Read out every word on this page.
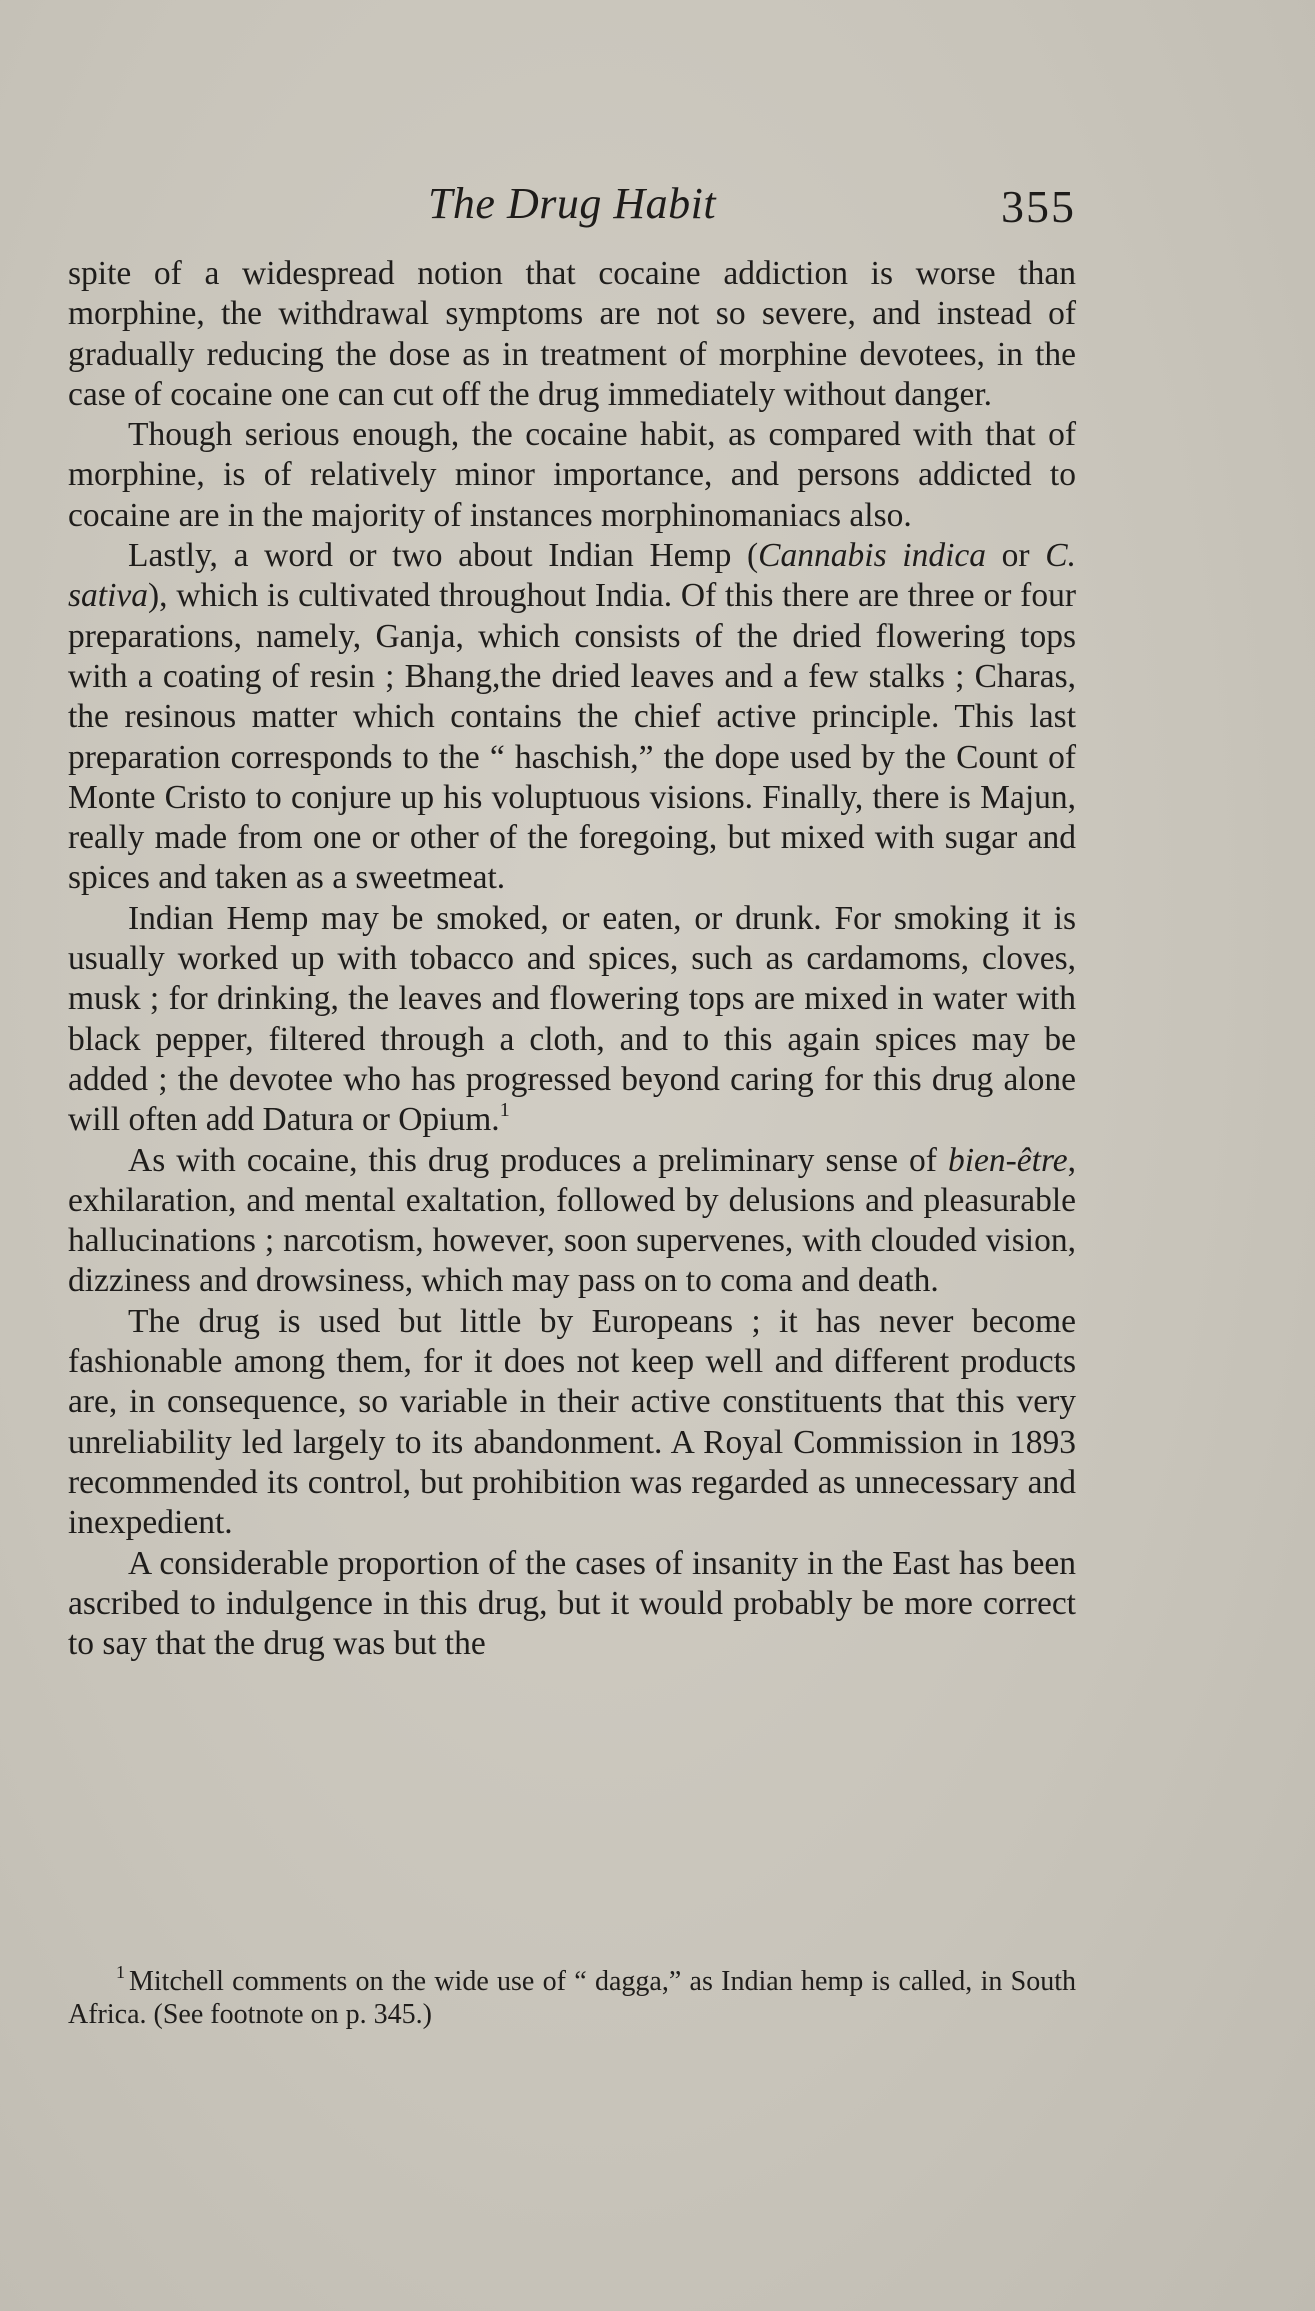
The Drug Habit	355

spite of a widespread notion that cocaine addiction is worse than morphine, the withdrawal symptoms are not so severe, and instead of gradually reducing the dose as in treatment of morphine devotees, in the case of cocaine one can cut off the drug immediately without danger.

Though serious enough, the cocaine habit, as compared with that of morphine, is of relatively minor importance, and persons addicted to cocaine are in the majority of instances morphinomaniacs also.

Lastly, a word or two about Indian Hemp (Cannabis indica or C. sativa), which is cultivated throughout India. Of this there are three or four preparations, namely, Ganja, which consists of the dried flowering tops with a coating of resin ; Bhang,the dried leaves and a few stalks ; Charas, the resinous matter which contains the chief active principle. This last preparation corresponds to the “ haschish,” the dope used by the Count of Monte Cristo to conjure up his voluptuous visions. Finally, there is Majun, really made from one or other of the foregoing, but mixed with sugar and spices and taken as a sweetmeat.

Indian Hemp may be smoked, or eaten, or drunk. For smoking it is usually worked up with tobacco and spices, such as cardamoms, cloves, musk ; for drinking, the leaves and flowering tops are mixed in water with black pepper, filtered through a cloth, and to this again spices may be added ; the devotee who has progressed beyond caring for this drug alone will often add Datura or Opium.$^1$

As with cocaine, this drug produces a preliminary sense of bien-être, exhilaration, and mental exaltation, followed by delusions and pleasurable hallucinations ; narcotism, however, soon supervenes, with clouded vision, dizziness and drowsiness, which may pass on to coma and death.

The drug is used but little by Europeans ; it has never become fashionable among them, for it does not keep well and different products are, in consequence, so variable in their active constituents that this very unreliability led largely to its abandonment. A Royal Commission in 1893 recommended its control, but prohibition was regarded as unnecessary and inexpedient.

A considerable proportion of the cases of insanity in the East has been ascribed to indulgence in this drug, but it would probably be more correct to say that the drug was but the

$^1$ Mitchell comments on the wide use of “ dagga,” as Indian hemp is called, in South Africa. (See footnote on p. 345.)
